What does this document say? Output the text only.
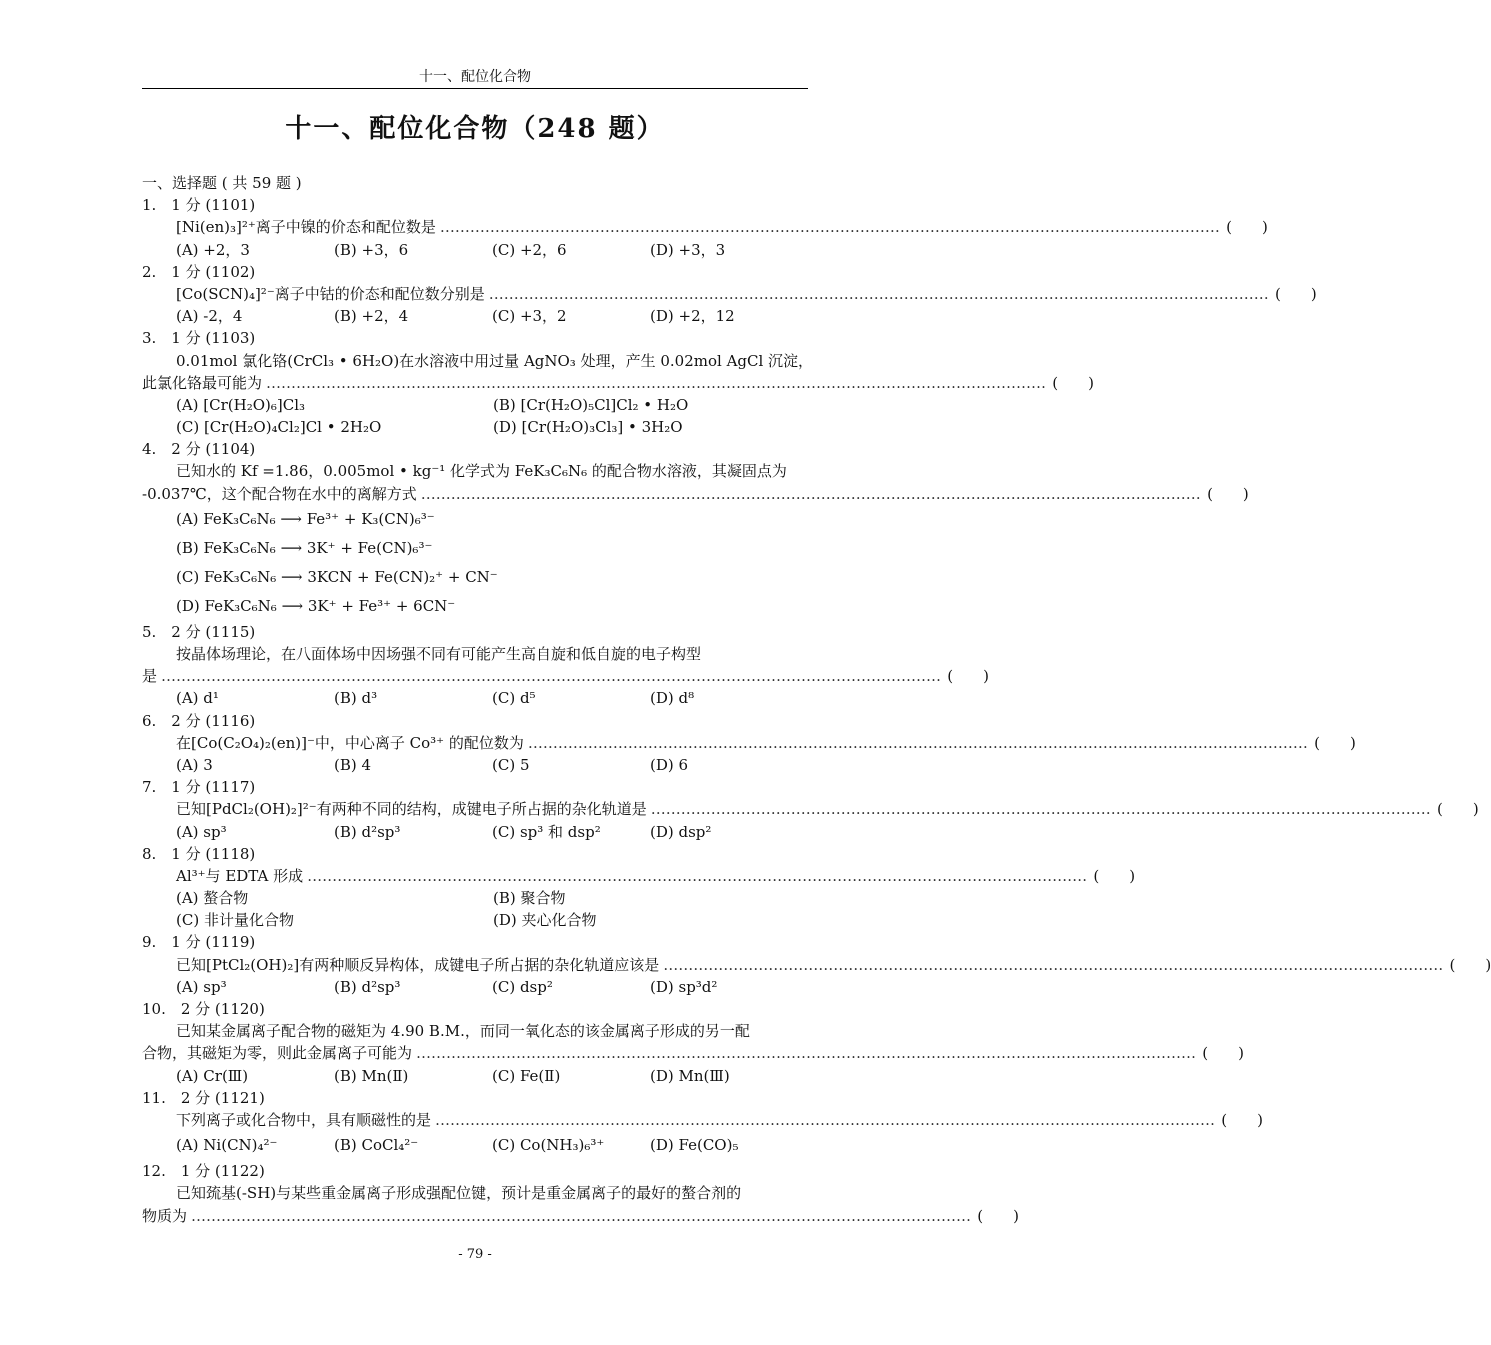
十一、配位化合物
十一、配位化合物（248 题）
一、选择题 ( 共 59 题 )
1.　1 分 (1101)
[Ni(en)₃]²⁺离子中镍的价态和配位数是 ………………………………………………………………………………………………………………………………………… (　　)
(A) +2，3	(B) +3，6	(C) +2，6	(D) +3，3
2.　1 分 (1102)
[Co(SCN)₄]²⁻离子中钴的价态和配位数分别是 ………………………………………………………………………………………………………………………………………… (　　)
(A) -2，4	(B) +2，4	(C) +3，2	(D) +2，12
3.　1 分 (1103)
0.01mol 氯化铬(CrCl₃ • 6H₂O)在水溶液中用过量 AgNO₃ 处理，产生 0.02mol AgCl 沉淀，
此氯化铬最可能为 ………………………………………………………………………………………………………………………………………… (　　)
(A) [Cr(H₂O)₆]Cl₃	(B) [Cr(H₂O)₅Cl]Cl₂ • H₂O
(C) [Cr(H₂O)₄Cl₂]Cl • 2H₂O	(D) [Cr(H₂O)₃Cl₃] • 3H₂O
4.　2 分 (1104)
已知水的 Kf =1.86，0.005mol • kg⁻¹ 化学式为 FeK₃C₆N₆ 的配合物水溶液，其凝固点为
-0.037℃，这个配合物在水中的离解方式 ………………………………………………………………………………………………………………………………………… (　　)
(A) FeK₃C₆N₆ ⟶ Fe³⁺ + K₃(CN)₆³⁻
(B) FeK₃C₆N₆ ⟶ 3K⁺ + Fe(CN)₆³⁻
(C) FeK₃C₆N₆ ⟶ 3KCN + Fe(CN)₂⁺ + CN⁻
(D) FeK₃C₆N₆ ⟶ 3K⁺ + Fe³⁺ + 6CN⁻
5.　2 分 (1115)
按晶体场理论，在八面体场中因场强不同有可能产生高自旋和低自旋的电子构型
是 ………………………………………………………………………………………………………………………………………… (　　)
(A) d¹	(B) d³	(C) d⁵	(D) d⁸
6.　2 分 (1116)
在[Co(C₂O₄)₂(en)]⁻中，中心离子 Co³⁺ 的配位数为 ………………………………………………………………………………………………………………………………………… (　　)
(A) 3	(B) 4	(C) 5	(D) 6
7.　1 分 (1117)
已知[PdCl₂(OH)₂]²⁻有两种不同的结构，成键电子所占据的杂化轨道是 ………………………………………………………………………………………………………………………………………… (　　)
(A) sp³	(B) d²sp³	(C) sp³ 和 dsp²	(D) dsp²
8.　1 分 (1118)
Al³⁺与 EDTA 形成 ………………………………………………………………………………………………………………………………………… (　　)
(A) 螯合物	(B) 聚合物
(C) 非计量化合物	(D) 夹心化合物
9.　1 分 (1119)
已知[PtCl₂(OH)₂]有两种顺反异构体，成键电子所占据的杂化轨道应该是 ………………………………………………………………………………………………………………………………………… (　　)
(A) sp³	(B) d²sp³	(C) dsp²	(D) sp³d²
10.　2 分 (1120)
已知某金属离子配合物的磁矩为 4.90 B.M.，而同一氧化态的该金属离子形成的另一配
合物，其磁矩为零，则此金属离子可能为 ………………………………………………………………………………………………………………………………………… (　　)
(A) Cr(Ⅲ)	(B) Mn(Ⅱ)	(C) Fe(Ⅱ)	(D) Mn(Ⅲ)
11.　2 分 (1121)
下列离子或化合物中，具有顺磁性的是 ………………………………………………………………………………………………………………………………………… (　　)
(A) Ni(CN)₄²⁻	(B) CoCl₄²⁻	(C) Co(NH₃)₆³⁺	(D) Fe(CO)₅
12.　1 分 (1122)
已知巯基(-SH)与某些重金属离子形成强配位键，预计是重金属离子的最好的螯合剂的
物质为 ………………………………………………………………………………………………………………………………………… (　　)
- 79 -
